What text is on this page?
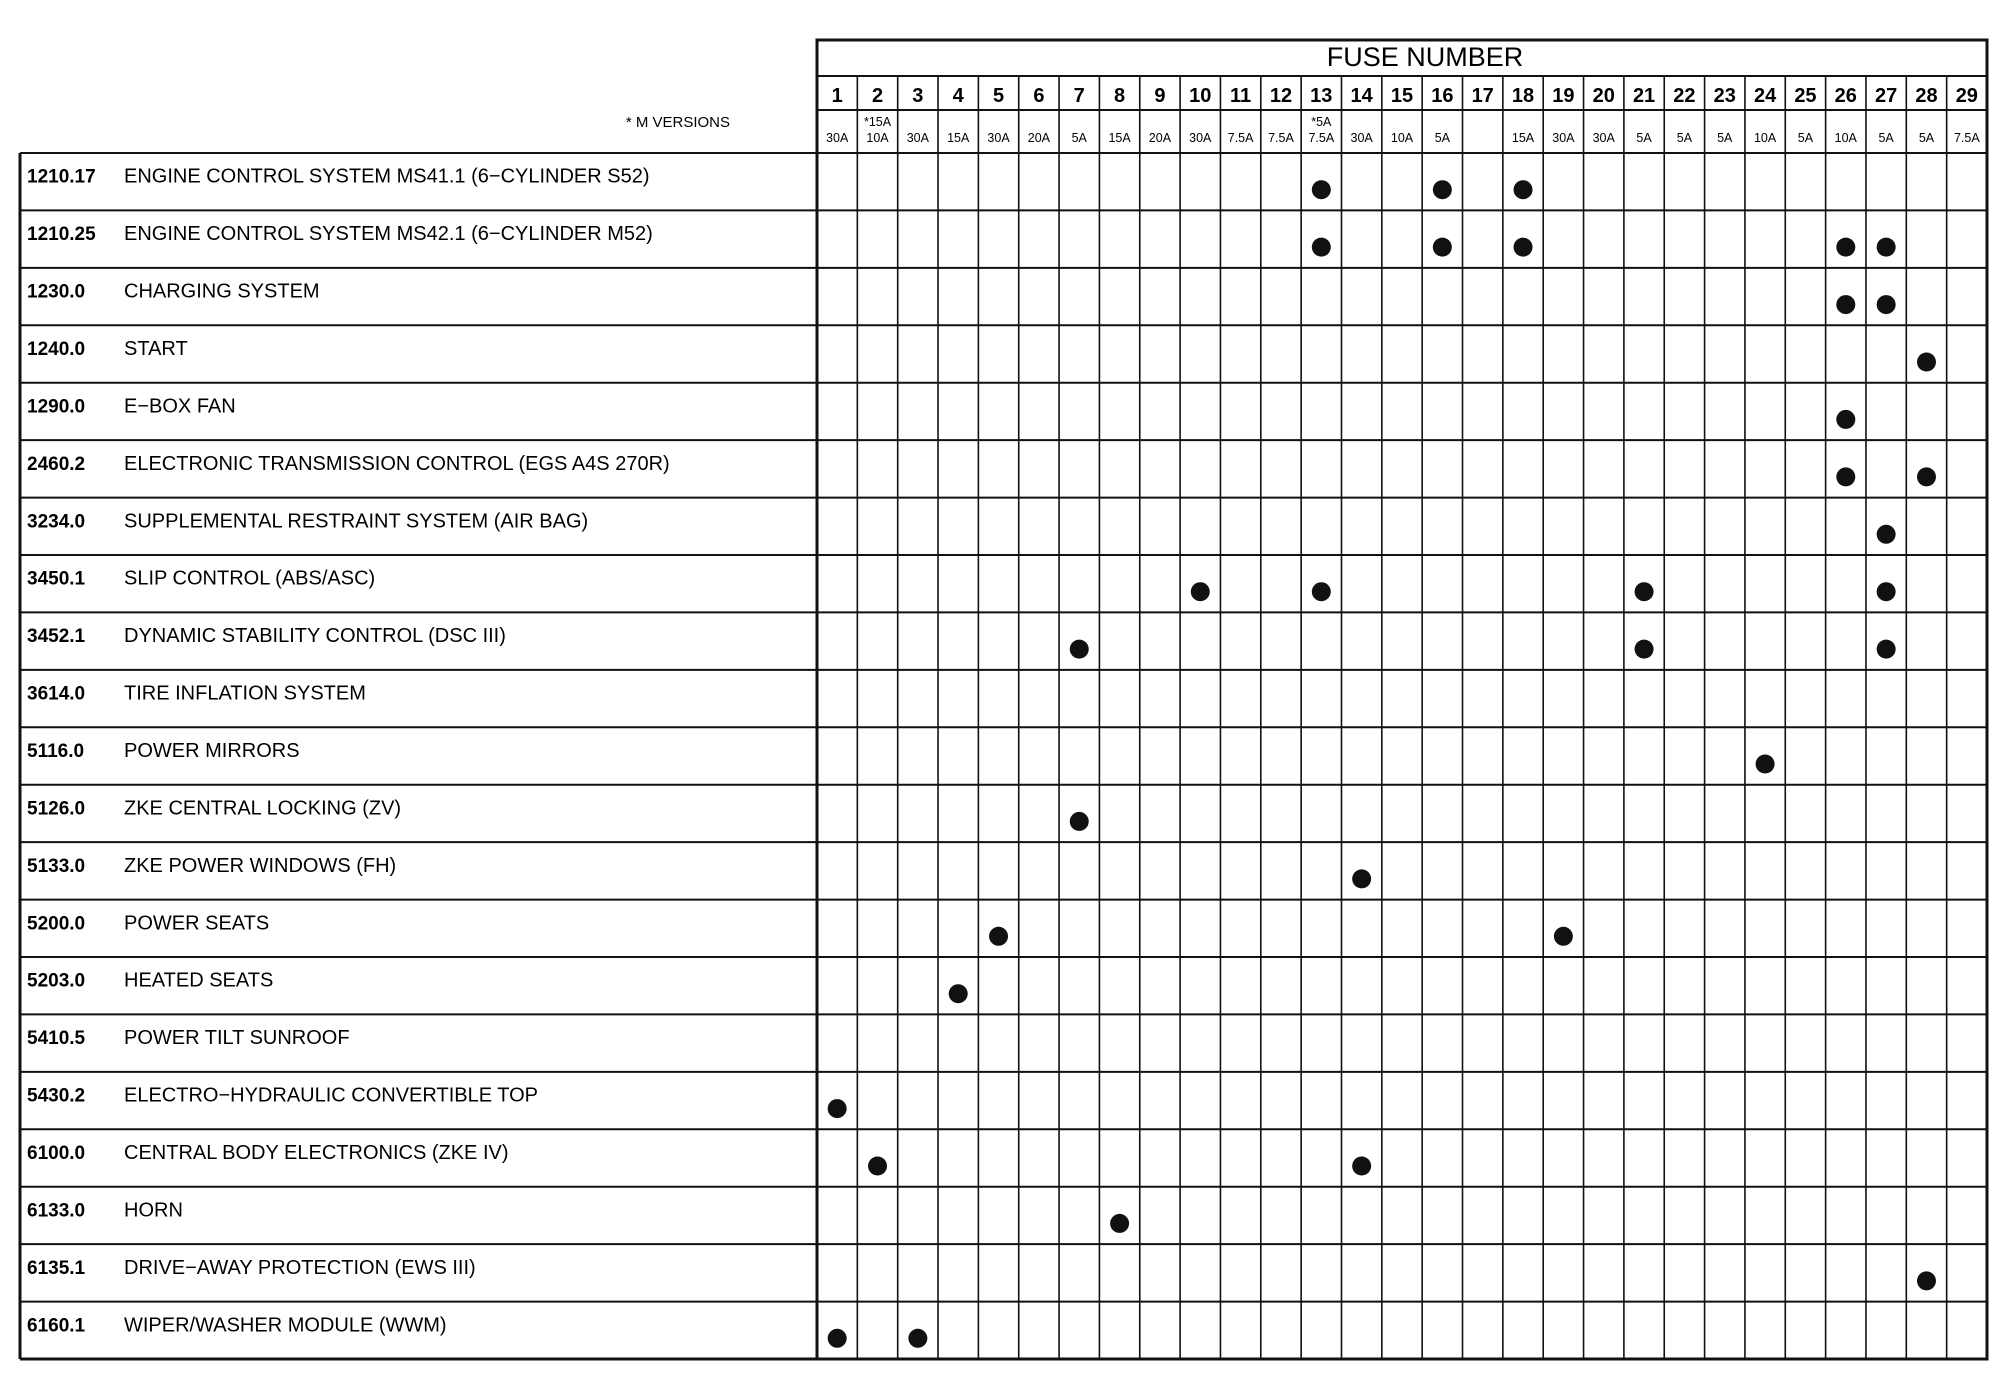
FUSE NUMBER
* M VERSIONS
1
30A
2
*15A
10A
3
30A
4
15A
5
30A
6
20A
7
5A
8
15A
9
20A
10
30A
11
7.5A
12
7.5A
13
*5A
7.5A
14
30A
15
10A
16
5A
17 18
15A
19
30A
20
30A
21
5A
22
5A
23
5A
24
10A
25
5A
26
10A
27
5A
28
5A
29
7.5A
1210.17 ENGINE CONTROL SYSTEM MS41.1 (6−CYLINDER S52)
1210.25 ENGINE CONTROL SYSTEM MS42.1 (6−CYLINDER M52)
1230.0 CHARGING SYSTEM
1240.0 START
1290.0 E−BOX FAN
2460.2 ELECTRONIC TRANSMISSION CONTROL (EGS A4S 270R)
3234.0 SUPPLEMENTAL RESTRAINT SYSTEM (AIR BAG)
3450.1 SLIP CONTROL (ABS/ASC)
3452.1 DYNAMIC STABILITY CONTROL (DSC III)
3614.0 TIRE INFLATION SYSTEM
5116.0 POWER MIRRORS
5126.0 ZKE CENTRAL LOCKING (ZV)
5133.0 ZKE POWER WINDOWS (FH)
5200.0 POWER SEATS
5203.0 HEATED SEATS
5410.5 POWER TILT SUNROOF
5430.2 ELECTRO−HYDRAULIC CONVERTIBLE TOP
6100.0 CENTRAL BODY ELECTRONICS (ZKE IV)
6133.0 HORN
6135.1 DRIVE−AWAY PROTECTION (EWS III)
6160.1 WIPER/WASHER MODULE (WWM)
